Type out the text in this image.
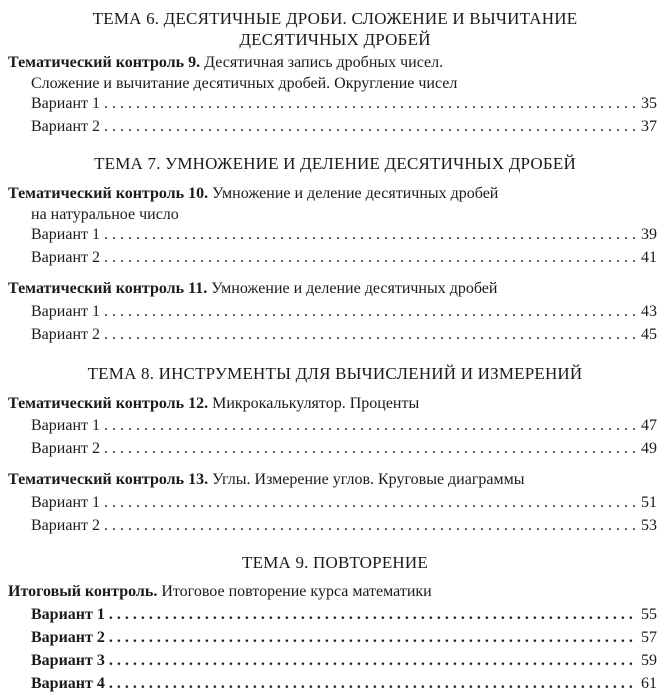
ТЕМА 6. ДЕСЯТИЧНЫЕ ДРОБИ. СЛОЖЕНИЕ И ВЫЧИТАНИЕ
ДЕСЯТИЧНЫХ ДРОБЕЙ
Тематический контроль 9. Десятичная запись дробных чисел.
Сложение и вычитание десятичных дробей. Округление чисел
Вариант 1 . . .	35
Вариант 2 . . .	37
ТЕМА 7. УМНОЖЕНИЕ И ДЕЛЕНИЕ ДЕСЯТИЧНЫХ ДРОБЕЙ
Тематический контроль 10. Умножение и деление десятичных дробей
на натуральное число
Вариант 1 . . .	39
Вариант 2 . . .	41
Тематический контроль 11. Умножение и деление десятичных дробей
Вариант 1 . . .	43
Вариант 2 . . .	45
ТЕМА 8. ИНСТРУМЕНТЫ ДЛЯ ВЫЧИСЛЕНИЙ И ИЗМЕРЕНИЙ
Тематический контроль 12. Микрокалькулятор. Проценты
Вариант 1 . . .	47
Вариант 2 . . .	49
Тематический контроль 13. Углы. Измерение углов. Круговые диаграммы
Вариант 1 . . .	51
Вариант 2 . . .	53
ТЕМА 9. ПОВТОРЕНИЕ
Итоговый контроль. Итоговое повторение курса математики
Вариант 1 . . .	55
Вариант 2 . . .	57
Вариант 3 . . .	59
Вариант 4 . . .	61
